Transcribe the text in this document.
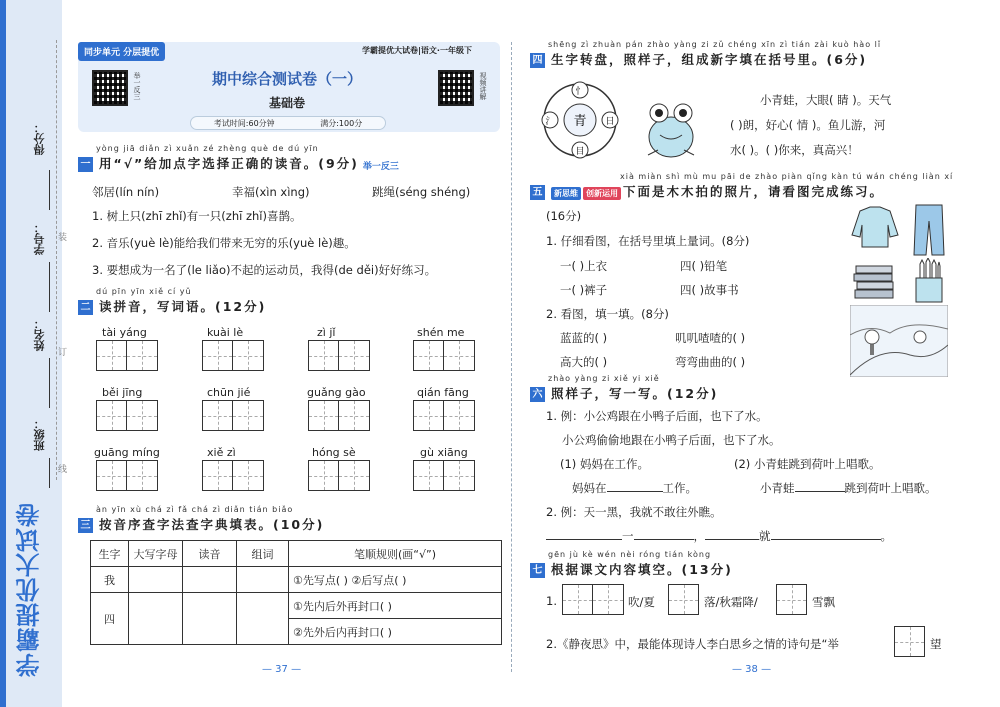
得分：
学号：
姓名：
班级：
装
订
线
学霸提优大试卷
同步单元 分层提优	学霸提优大试卷|语文·一年级下
举一反三	视频讲解
期中综合测试卷（一）
基础卷
考试时间:60分钟	满分:100分
yòng jiā diǎn zì xuǎn zé zhèng què de dú yīn
一 用“√”给加点字选择正确的读音。(9分) 举一反三
邻居(lín nín)	幸福(xìn xìng)	跳绳(séng shéng)
1. 树上只(zhī zhǐ)有一只(zhī zhǐ)喜鹊。
2. 音乐(yuè lè)能给我们带来无穷的乐(yuè lè)趣。
3. 要想成为一名了(le liǎo)不起的运动员，我得(de děi)好好练习。
dú pīn yīn xiě cí yǔ
二 读拼音，写词语。(12分)
tài yáng	kuài lè	zì jǐ	shén me
běi jīng	chūn jié	guǎng gào	qián fāng
guāng míng	xiě zì	hóng sè	gù xiāng
àn yīn xù chá zì fǎ chá zì diǎn tián biǎo
三 按音序查字法查字典填表。(10分)
生字	大写字母	读音	组词	笔顺规则(画“√”)
我				①先写点( ) ②后写点( )
四				①先内后外再封口( )
				②先外后内再封口( )
— 37 —
shēng zì zhuàn pán zhào yàng zi zǔ chéng xīn zì tián zài kuò hào lǐ
四 生字转盘，照样子，组成新字填在括号里。(6分)
青
忄
日
氵
目
小青蛙，大眼( 睛 )。天气
( )朗，好心( 情 )。鱼儿游，河
水( )。( )你来，真高兴！
xià miàn shì mù mu pāi de zhào piàn qǐng kàn tú wán chéng liàn xí
五	新思维	创新运用 下面是木木拍的照片，请看图完成练习。
(16分)
1. 仔细看图，在括号里填上量词。(8分)
一( )上衣	四( )铅笔
一( )裤子	四( )故事书
2. 看图，填一填。(8分)
蓝蓝的( )	叽叽喳喳的( )
高大的( )	弯弯曲曲的( )
zhào yàng zi xiě yi xiě
六 照样子，写一写。(12分)
1. 例：小公鸡跟在小鸭子后面，也下了水。
小公鸡偷偷地跟在小鸭子后面，也下了水。
(1) 妈妈在工作。	(2) 小青蛙跳到荷叶上唱歌。
妈妈在	工作。	小青蛙	跳到荷叶上唱歌。
2. 例：天一黑，我就不敢往外瞧。
一	，	就	。
gēn jù kè wén nèi róng tián kòng
七 根据课文内容填空。(13分)
1.	吹/夏	落/秋霜降/	雪飘
2.《静夜思》中，最能体现诗人李白思乡之情的诗句是“举	望
— 38 —
